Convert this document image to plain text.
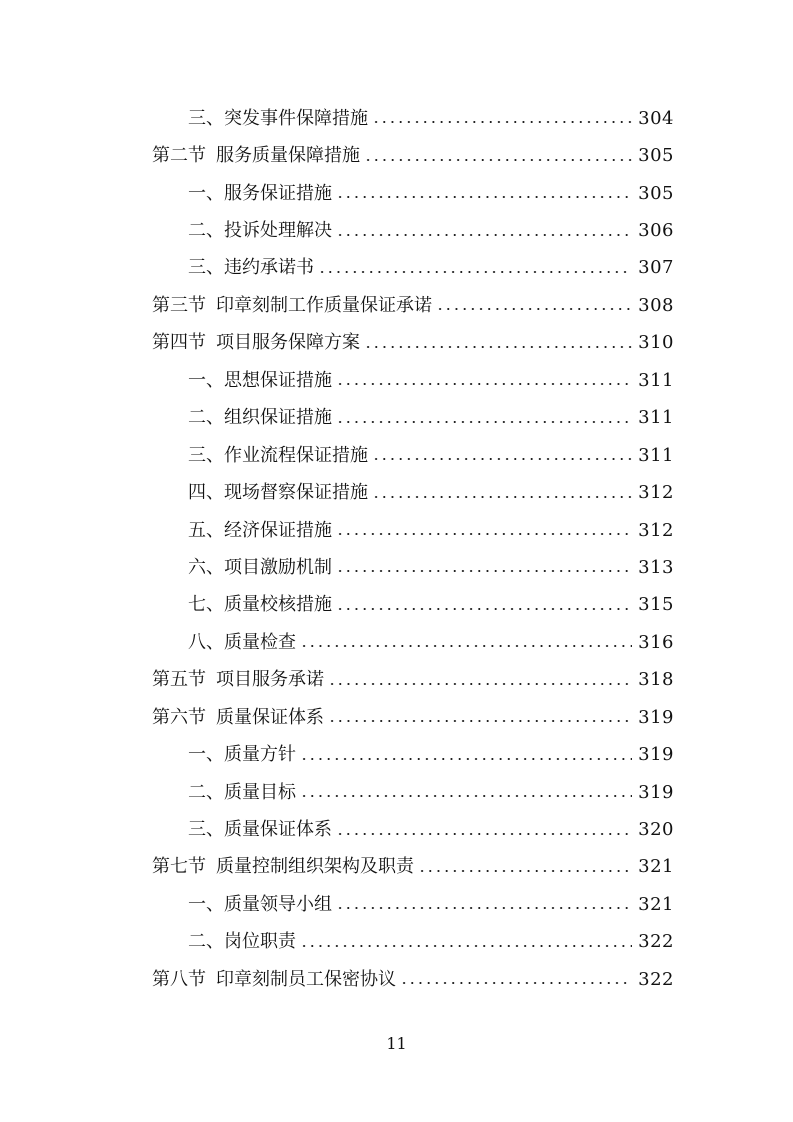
三、突发事件保障措施	304
第二节 服务质量保障措施	305
一、服务保证措施	305
二、投诉处理解决	306
三、违约承诺书	307
第三节 印章刻制工作质量保证承诺	308
第四节 项目服务保障方案	310
一、思想保证措施	311
二、组织保证措施	311
三、作业流程保证措施	311
四、现场督察保证措施	312
五、经济保证措施	312
六、项目激励机制	313
七、质量校核措施	315
八、质量检查	316
第五节 项目服务承诺	318
第六节 质量保证体系	319
一、质量方针	319
二、质量目标	319
三、质量保证体系	320
第七节 质量控制组织架构及职责	321
一、质量领导小组	321
二、岗位职责	322
第八节 印章刻制员工保密协议	322
11
